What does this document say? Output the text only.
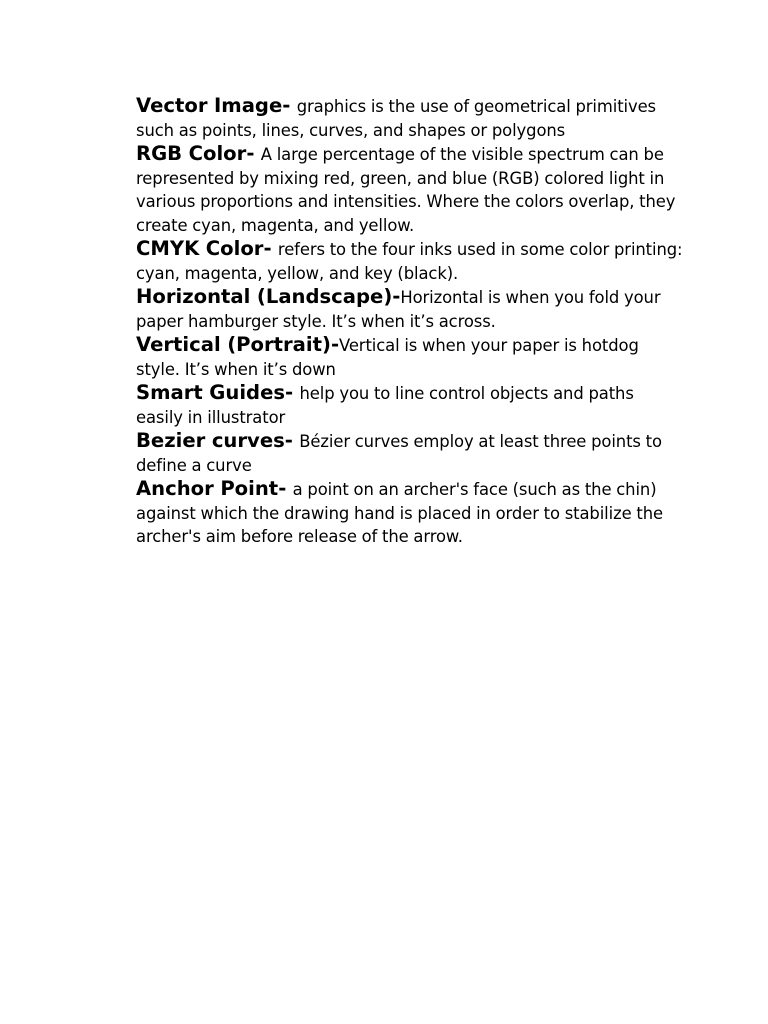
Vector Image- graphics is the use of geometrical primitives such as points, lines, curves, and shapes or polygons

RGB Color- A large percentage of the visible spectrum can be represented by mixing red, green, and blue (RGB) colored light in various proportions and intensities. Where the colors overlap, they create cyan, magenta, and yellow.

CMYK Color- refers to the four inks used in some color printing: cyan, magenta, yellow, and key (black).

Horizontal (Landscape)-Horizontal is when you fold your paper hamburger style. It’s when it’s across.

Vertical (Portrait)-Vertical is when your paper is hotdog style. It’s when it’s down

Smart Guides- help you to line control objects and paths easily in illustrator

Bezier curves- Bézier curves employ at least three points to define a curve

Anchor Point- a point on an archer's face (such as the chin) against which the drawing hand is placed in order to stabilize the archer's aim before release of the arrow.
